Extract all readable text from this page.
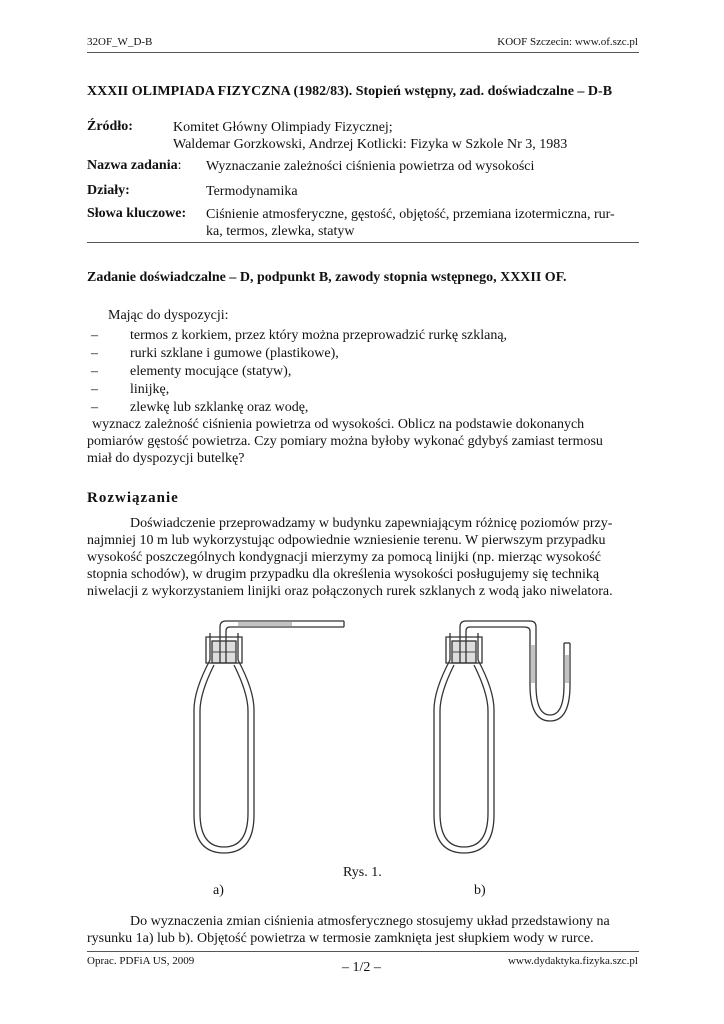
32OF_W_D-B	KOOF Szczecin: www.of.szc.pl
XXXII OLIMPIADA FIZYCZNA (1982/83). Stopień wstępny, zad. doświadczalne – D-B
Źródło:	Komitet Główny Olimpiady Fizycznej;
Waldemar Gorzkowski, Andrzej Kotlicki: Fizyka w Szkole Nr 3, 1983
Nazwa zadania: Wyznaczanie zależności ciśnienia powietrza od wysokości
Działy:	Termodynamika
Słowa kluczowe: Ciśnienie atmosferyczne, gęstość, objętość, przemiana izotermiczna, rur-
ka, termos, zlewka, statyw
Zadanie doświadczalne – D, podpunkt B, zawody stopnia wstępnego, XXXII OF.
Mając do dyspozycji:
– termos z korkiem, przez który można przeprowadzić rurkę szklaną,
– rurki szklane i gumowe (plastikowe),
– elementy mocujące (statyw),
– linijkę,
– zlewkę lub szklankę oraz wodę,
wyznacz zależność ciśnienia powietrza od wysokości. Oblicz na podstawie dokonanych
pomiarów gęstość powietrza. Czy pomiary można byłoby wykonać gdybyś zamiast termosu
miał do dyspozycji butelkę?
Rozwiązanie
Doświadczenie przeprowadzamy w budynku zapewniającym różnicę poziomów przy-
najmniej 10 m lub wykorzystując odpowiednie wzniesienie terenu. W pierwszym przypadku
wysokość poszczególnych kondygnacji mierzymy za pomocą linijki (np. mierząc wysokość
stopnia schodów), w drugim przypadku dla określenia wysokości posługujemy się techniką
niwelacji z wykorzystaniem linijki oraz połączonych rurek szklanych z wodą jako niwelatora.
Rys. 1.
a)	b)
Do wyznaczenia zmian ciśnienia atmosferycznego stosujemy układ przedstawiony na
rysunku 1a) lub b). Objętość powietrza w termosie zamknięta jest słupkiem wody w rurce.
Oprac. PDFiA US, 2009	– 1/2 –	www.dydaktyka.fizyka.szc.pl
